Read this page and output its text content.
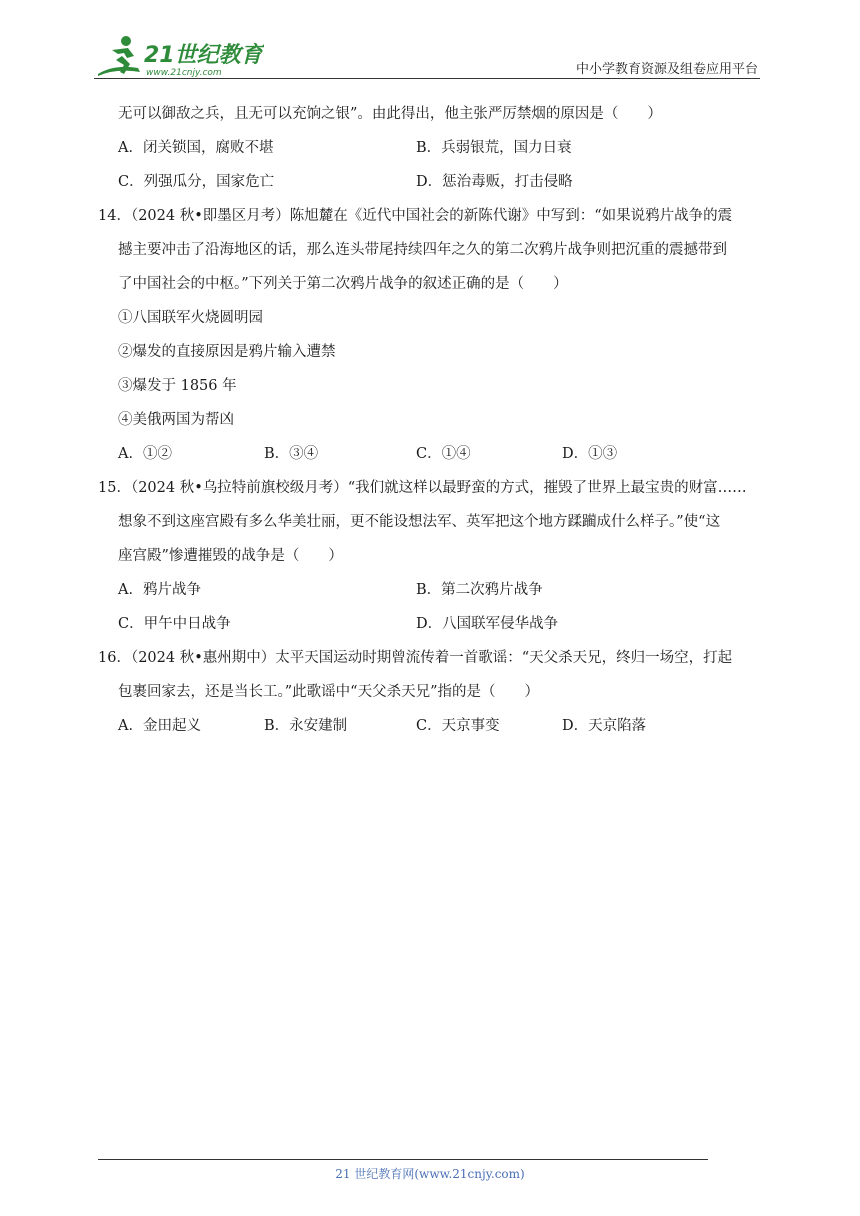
21世纪教育
www.21cnjy.com	中小学教育资源及组卷应用平台
无可以御敌之兵，且无可以充饷之银”。由此得出，他主张严厉禁烟的原因是（　　）
A．闭关锁国，腐败不堪	B．兵弱银荒，国力日衰
C．列强瓜分，国家危亡	D．惩治毒贩，打击侵略
14．（2024 秋•即墨区月考）陈旭麓在《近代中国社会的新陈代谢》中写到：“如果说鸦片战争的震
撼主要冲击了沿海地区的话，那么连头带尾持续四年之久的第二次鸦片战争则把沉重的震撼带到
了中国社会的中枢。”下列关于第二次鸦片战争的叙述正确的是（　　）
①八国联军火烧圆明园
②爆发的直接原因是鸦片输入遭禁
③爆发于 1856 年
④美俄两国为帮凶
A．①②	B．③④	C．①④	D．①③
15．（2024 秋•乌拉特前旗校级月考）“我们就这样以最野蛮的方式，摧毁了世界上最宝贵的财富……
想象不到这座宫殿有多么华美壮丽，更不能设想法军、英军把这个地方蹂躏成什么样子。”使“这
座宫殿”惨遭摧毁的战争是（　　）
A．鸦片战争	B．第二次鸦片战争
C．甲午中日战争	D．八国联军侵华战争
16．（2024 秋•惠州期中）太平天国运动时期曾流传着一首歌谣：“天父杀天兄，终归一场空，打起
包裹回家去，还是当长工。”此歌谣中“天父杀天兄”指的是（　　）
A．金田起义	B．永安建制	C．天京事变	D．天京陷落
21 世纪教育网(www.21cnjy.com)
